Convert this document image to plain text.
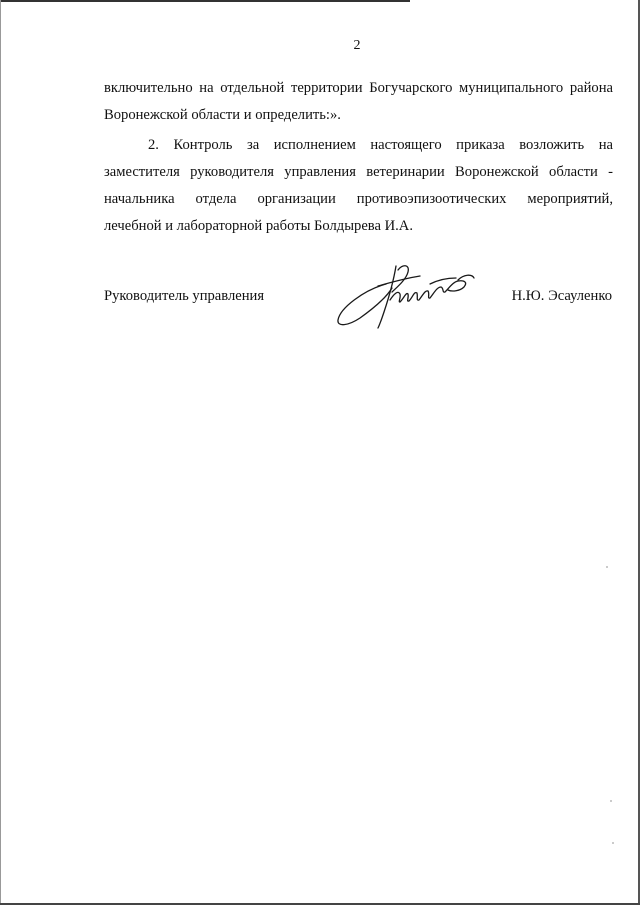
2
включительно на отдельной территории Богучарского муниципального района
Воронежской области и определить:».
2. Контроль за исполнением настоящего приказа возложить на
заместителя руководителя управления ветеринарии Воронежской области -
начальника отдела организации противоэпизоотических мероприятий,
лечебной и лабораторной работы Болдырева И.А.
Руководитель управления	Н.Ю. Эсауленко
